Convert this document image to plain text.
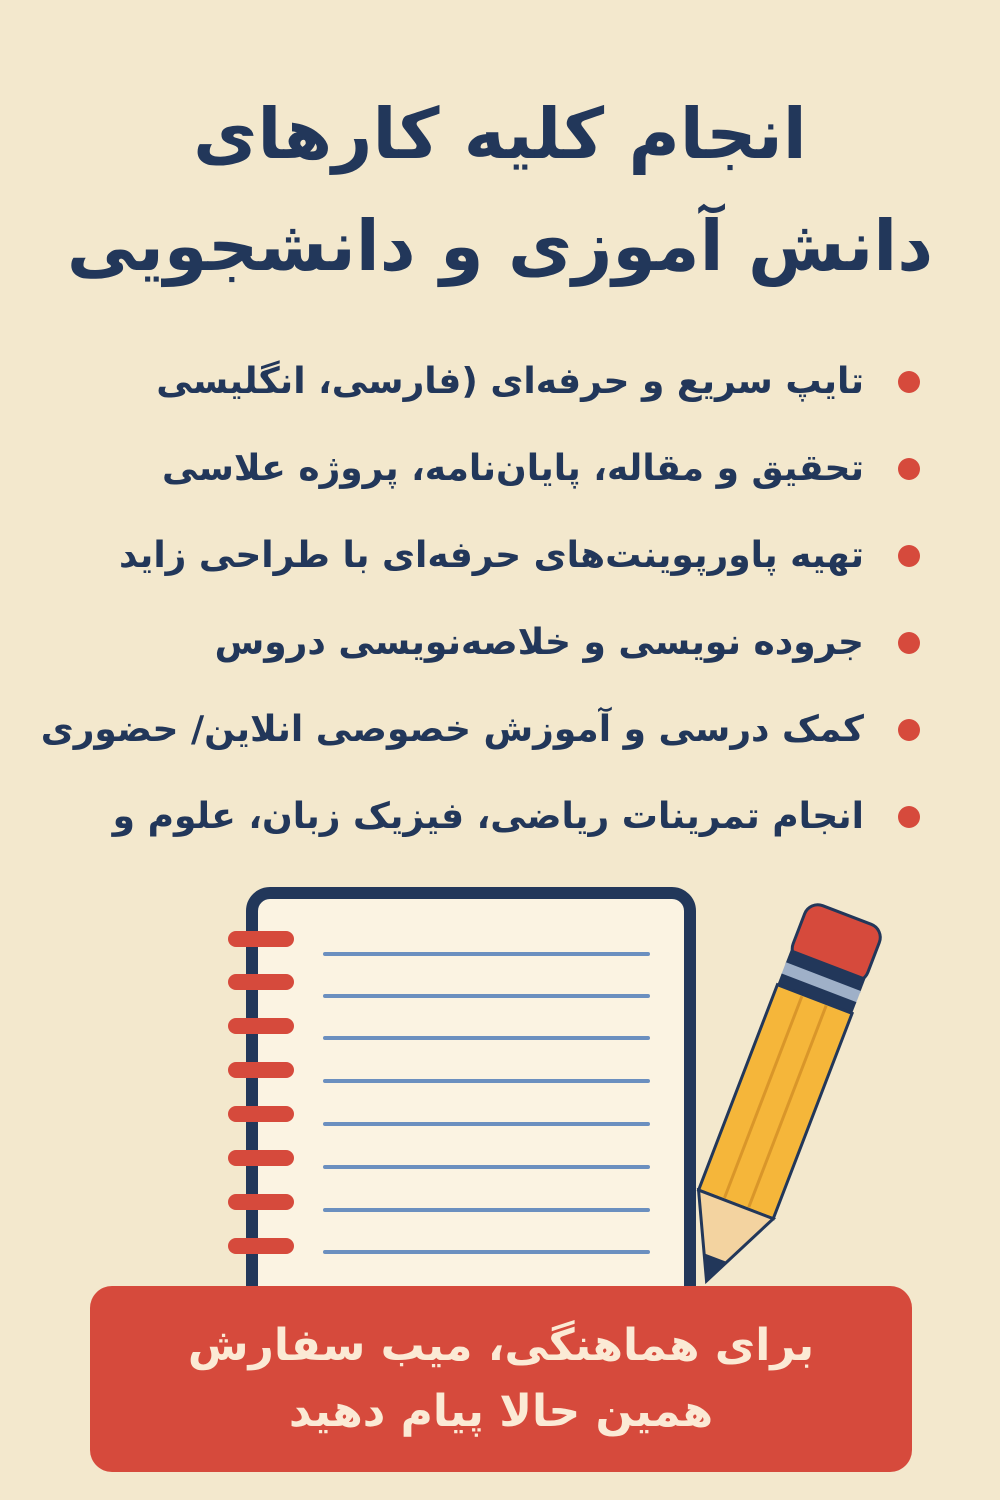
انجام کلیه کارهای
دانش آموزی و دانشجویی
تایپ سریع و حرفه‌ای (فارسی، انگلیسی
تحقیق و مقاله، پایان‌نامه، پروژه علاسی
تهیه پاورپوینت‌های حرفه‌ای با طراحی زاید
جروده نویسی و خلاصه‌نویسی دروس
کمک درسی و آموزش خصوصی انلاین/ حضوری
انجام تمرینات ریاضی، فیزیک زبان، علوم و
برای هماهنگی، میب سفارش
همین حالا پیام دهید
